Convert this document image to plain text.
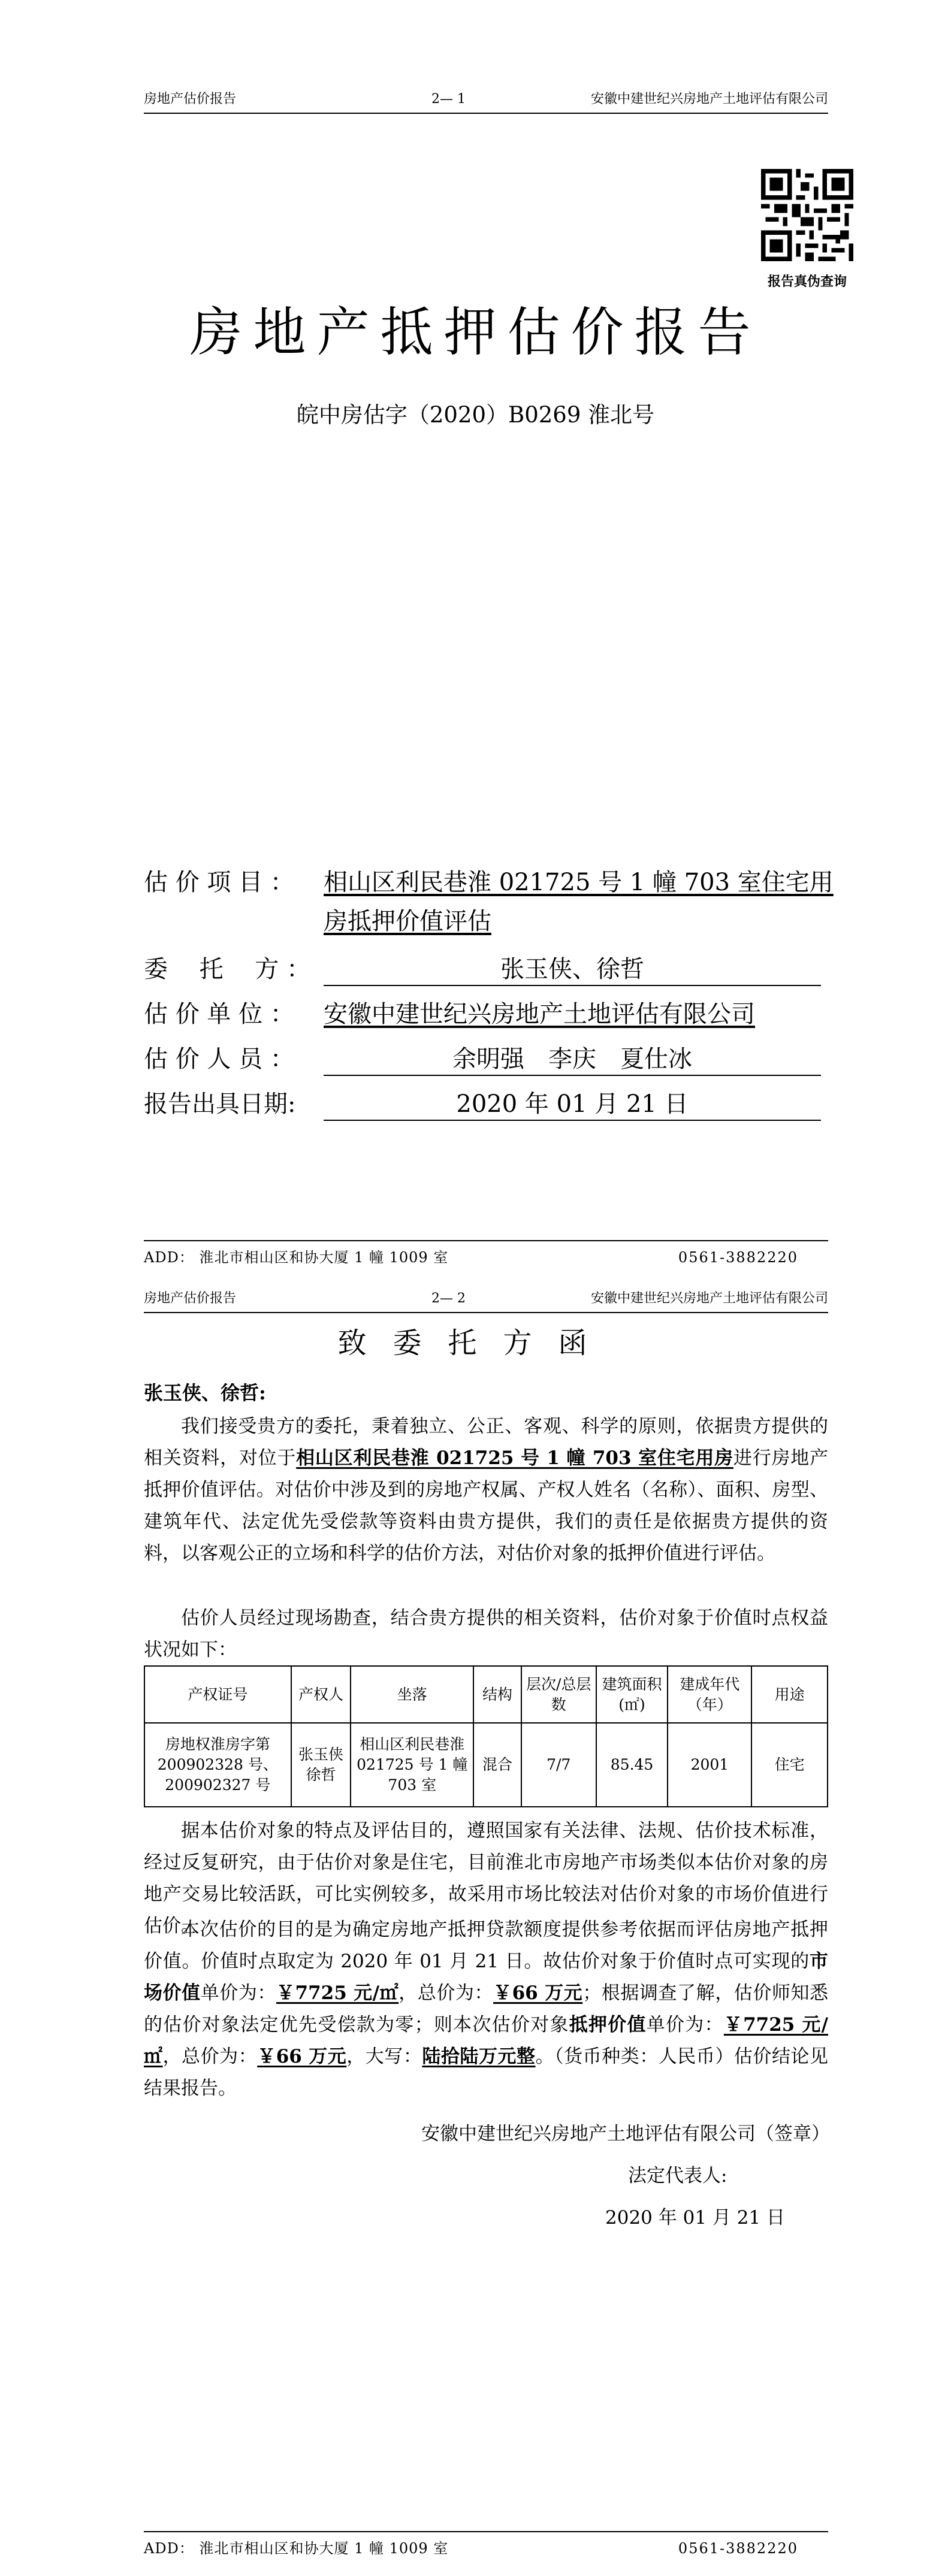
房地产估价报告	2— 1	安徽中建世纪兴房地产土地评估有限公司
报告真伪查询
房地产抵押估价报告
皖中房估字（2020）B0269 淮北号
估 价 项 目 ： 相山区利民巷淮 021725 号 1 幢 703 室住宅用
房抵押价值评估
委　 托　 方 ：	张玉侠、徐哲
估 价 单 位 ： 安徽中建世纪兴房地产土地评估有限公司
估 价 人 员 ：	余明强　李庆　夏仕冰
报告出具日期:	2020 年 01 月 21 日
ADD： 淮北市相山区和协大厦 1 幢 1009 室	0561-3882220
房地产估价报告	2— 2	安徽中建世纪兴房地产土地评估有限公司
致委托方函
张玉侠、徐哲:
我们接受贵方的委托，秉着独立、公正、客观、科学的原则，依据贵方提供的相关资料，对位于相山区利民巷淮 021725 号 1 幢 703 室住宅用房进行房地产抵押价值评估。对估价中涉及到的房地产权属、产权人姓名（名称）、面积、房型、建筑年代、法定优先受偿款等资料由贵方提供，我们的责任是依据贵方提供的资料，以客观公正的立场和科学的估价方法，对估价对象的抵押价值进行评估。
估价人员经过现场勘查，结合贵方提供的相关资料，估价对象于价值时点权益状况如下：
产权证号	产权人	坐落	结构	层次/总层数	建筑面积(㎡)	建成年代（年）	用途
房地权淮房字第 200902328 号、200902327 号	张玉侠 徐哲	相山区利民巷淮 021725 号 1 幢 703 室	混合	7/7	85.45	2001	住宅
据本估价对象的特点及评估目的，遵照国家有关法律、法规、估价技术标准，经过反复研究，由于估价对象是住宅，目前淮北市房地产市场类似本估价对象的房地产交易比较活跃，可比实例较多，故采用市场比较法对估价对象的市场价值进行估价。
本次估价的目的是为确定房地产抵押贷款额度提供参考依据而评估房地产抵押价值。价值时点取定为 2020 年 01 月 21 日。故估价对象于价值时点可实现的市场价值单价为：￥7725 元/㎡，总价为：￥66 万元；根据调查了解，估价师知悉的估价对象法定优先受偿款为零；则本次估价对象抵押价值单价为：￥7725 元/㎡，总价为：￥66 万元，大写：陆拾陆万元整。（货币种类：人民币）估价结论见结果报告。
安徽中建世纪兴房地产土地评估有限公司（签章）
法定代表人:
2020 年 01 月 21 日
ADD： 淮北市相山区和协大厦 1 幢 1009 室	0561-3882220
